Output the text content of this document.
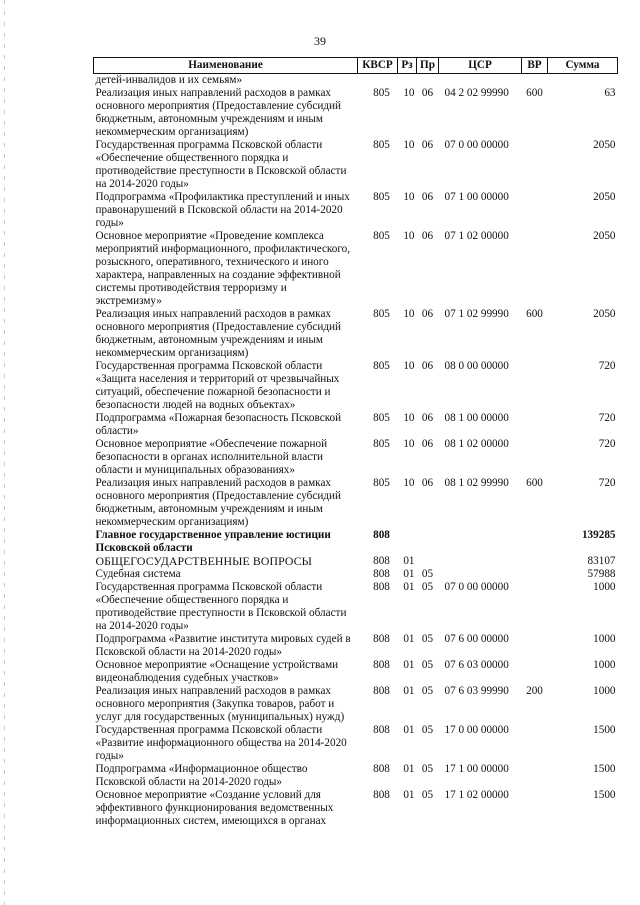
39
Наименование	КВСР	Рз	Пр	ЦСР	ВР	Сумма
детей-инвалидов и их семьям»						
Реализация иных направлений расходов в рамках основного мероприятия (Предоставление субсидий бюджетным, автономным учреждениям и иным некоммерческим организациям)	805	10	06	04 2 02 99990	600	63
Государственная программа Псковской области «Обеспечение общественного порядка и противодействие преступности в Псковской области на 2014-2020 годы»	805	10	06	07 0 00 00000		2050
Подпрограмма «Профилактика преступлений и иных правонарушений в Псковской области на 2014-2020 годы»	805	10	06	07 1 00 00000		2050
Основное мероприятие «Проведение комплекса мероприятий информационного, профилактического, розыскного, оперативного, технического и иного характера, направленных на создание эффективной системы противодействия терроризму и экстремизму»	805	10	06	07 1 02 00000		2050
Реализация иных направлений расходов в рамках основного мероприятия (Предоставление субсидий бюджетным, автономным учреждениям и иным некоммерческим организациям)	805	10	06	07 1 02 99990	600	2050
Государственная программа Псковской области «Защита населения и территорий от чрезвычайных ситуаций, обеспечение пожарной безопасности и безопасности людей на водных объектах»	805	10	06	08 0 00 00000		720
Подпрограмма «Пожарная безопасность Псковской области»	805	10	06	08 1 00 00000		720
Основное мероприятие «Обеспечение пожарной безопасности в органах исполнительной власти области и муниципальных образованиях»	805	10	06	08 1 02 00000		720
Реализация иных направлений расходов в рамках основного мероприятия (Предоставление субсидий бюджетным, автономным учреждениям и иным некоммерческим организациям)	805	10	06	08 1 02 99990	600	720
Главное государственное управление юстиции Псковской области	808					139285
ОБЩЕГОСУДАРСТВЕННЫЕ ВОПРОСЫ	808	01				83107
Судебная система	808	01	05			57988
Государственная программа Псковской области «Обеспечение общественного порядка и противодействие преступности в Псковской области на 2014-2020 годы»	808	01	05	07 0 00 00000		1000
Подпрограмма «Развитие института мировых судей в Псковской области на 2014-2020 годы»	808	01	05	07 6 00 00000		1000
Основное мероприятие «Оснащение устройствами видеонаблюдения судебных участков»	808	01	05	07 6 03 00000		1000
Реализация иных направлений расходов в рамках основного мероприятия (Закупка товаров, работ и услуг для государственных (муниципальных) нужд)	808	01	05	07 6 03 99990	200	1000
Государственная программа Псковской области «Развитие информационного общества на 2014-2020 годы»	808	01	05	17 0 00 00000		1500
Подпрограмма «Информационное общество Псковской области на 2014-2020 годы»	808	01	05	17 1 00 00000		1500
Основное мероприятие «Создание условий для эффективного функционирования ведомственных информационных систем, имеющихся в органах	808	01	05	17 1 02 00000		1500
